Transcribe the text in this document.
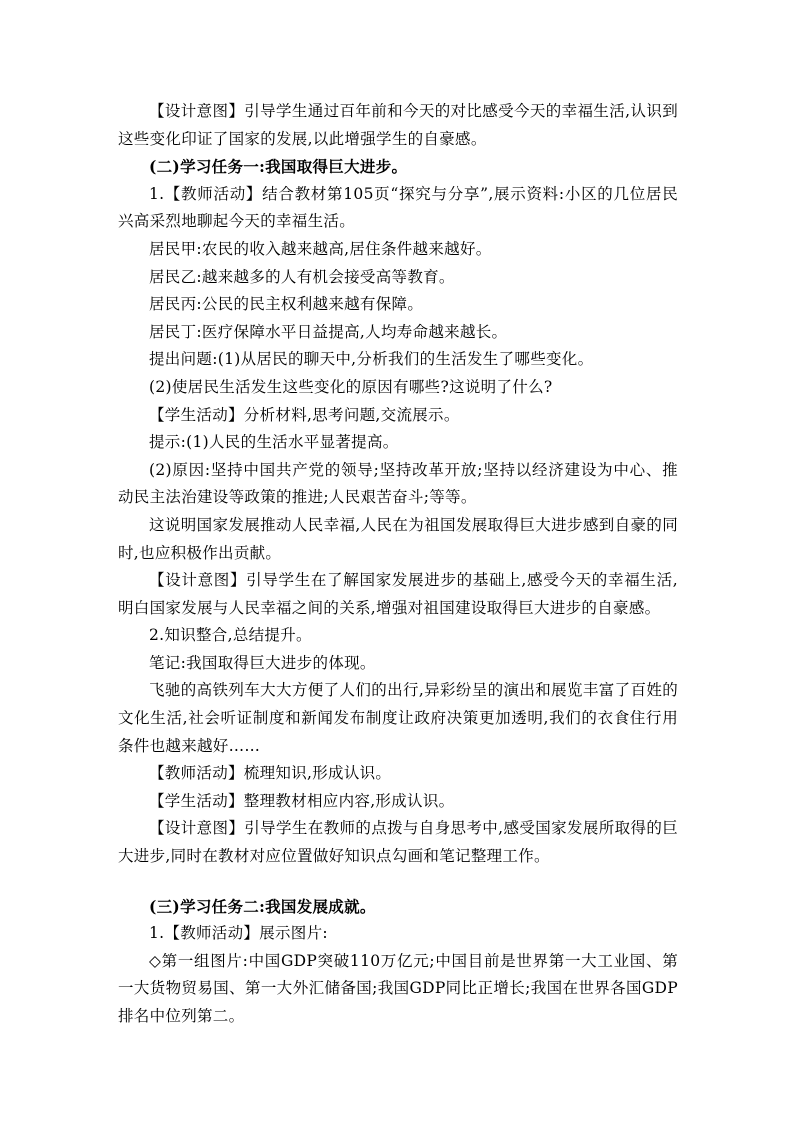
【设计意图】引导学生通过百年前和今天的对比感受今天的幸福生活,认识到这些变化印证了国家的发展,以此增强学生的自豪感。

(二)学习任务一:我国取得巨大进步。

1.【教师活动】结合教材第105页“探究与分享”,展示资料:小区的几位居民兴高采烈地聊起今天的幸福生活。

居民甲:农民的收入越来越高,居住条件越来越好。

居民乙:越来越多的人有机会接受高等教育。

居民丙:公民的民主权利越来越有保障。

居民丁:医疗保障水平日益提高,人均寿命越来越长。

提出问题:(1)从居民的聊天中,分析我们的生活发生了哪些变化。

(2)使居民生活发生这些变化的原因有哪些?这说明了什么?

【学生活动】分析材料,思考问题,交流展示。

提示:(1)人民的生活水平显著提高。

(2)原因:坚持中国共产党的领导;坚持改革开放;坚持以经济建设为中心、推动民主法治建设等政策的推进;人民艰苦奋斗;等等。

这说明国家发展推动人民幸福,人民在为祖国发展取得巨大进步感到自豪的同时,也应积极作出贡献。

【设计意图】引导学生在了解国家发展进步的基础上,感受今天的幸福生活,明白国家发展与人民幸福之间的关系,增强对祖国建设取得巨大进步的自豪感。

2.知识整合,总结提升。

笔记:我国取得巨大进步的体现。

飞驰的高铁列车大大方便了人们的出行,异彩纷呈的演出和展览丰富了百姓的文化生活,社会听证制度和新闻发布制度让政府决策更加透明,我们的衣食住行用条件也越来越好……

【教师活动】梳理知识,形成认识。

【学生活动】整理教材相应内容,形成认识。

【设计意图】引导学生在教师的点拨与自身思考中,感受国家发展所取得的巨大进步,同时在教材对应位置做好知识点勾画和笔记整理工作。

(三)学习任务二:我国发展成就。

1.【教师活动】展示图片:

◇第一组图片:中国GDP突破110万亿元;中国目前是世界第一大工业国、第一大货物贸易国、第一大外汇储备国;我国GDP同比正增长;我国在世界各国GDP排名中位列第二。
